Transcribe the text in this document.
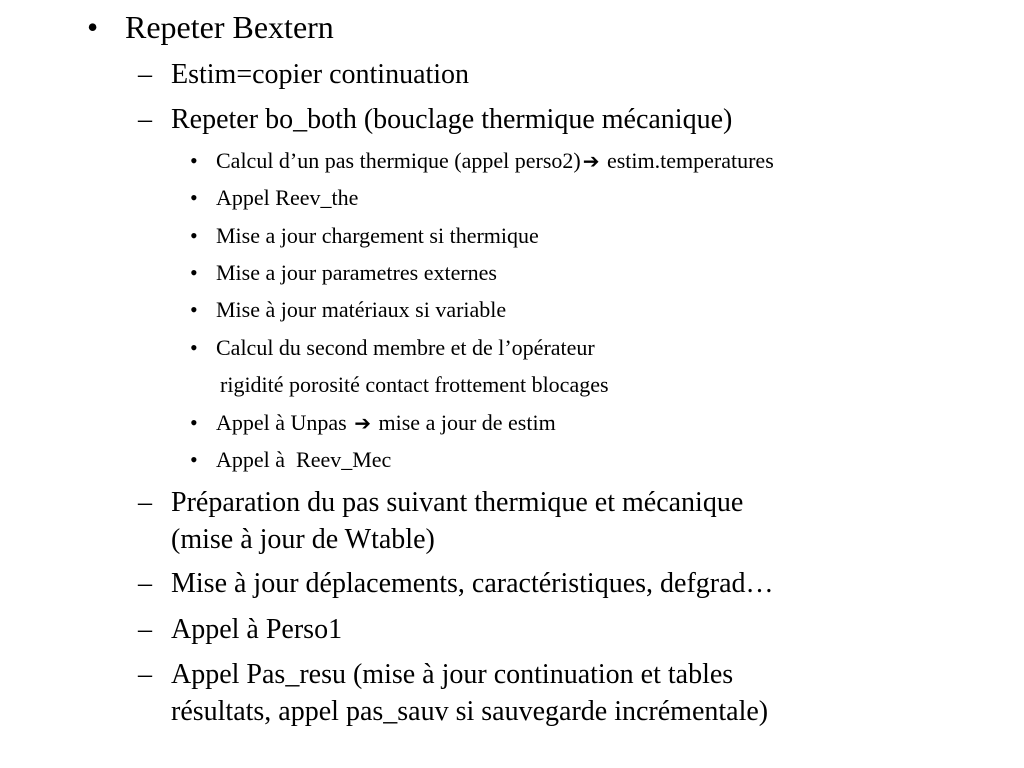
• Repeter Bextern
– Estim=copier continuation
– Repeter bo_both (bouclage thermique mécanique)
• Calcul d’un pas thermique (appel perso2) ➔ estim.temperatures
• Appel Reev_the
• Mise a jour chargement si thermique
• Mise a jour parametres externes
• Mise à jour matériaux si variable
• Calcul du second membre et de l’opérateur
rigidité porosité contact frottement blocages
• Appel à Unpas ➔ mise a jour de estim
• Appel à  Reev_Mec
– Préparation du pas suivant thermique et mécanique
(mise à jour de Wtable)
– Mise à jour déplacements, caractéristiques, defgrad…
– Appel à Perso1
– Appel Pas_resu (mise à jour continuation et tables
résultats, appel pas_sauv si sauvegarde incrémentale)
